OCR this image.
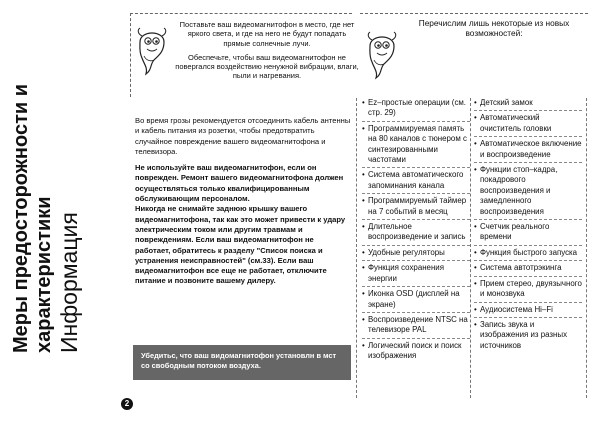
Меры предосторожности и характеристики Информация
2

Поставьте ваш видеомагнитофон в место, где нет яркого света, и где на него не будут попадать прямые солнечные лучи.

Обеспечьте, чтобы ваш видеомагнитофон не повергался воздействию ненужной вибрации, влаги, пыли и нагревания.

Перечислим лишь некоторые из новых возможностей:

Во время грозы рекомендуется отсоединить кабель антенны и кабель питания из розетки, чтобы предотвратить случайное повреждение вашего видеомагнитофона и телевизора.

Не используйте ваш видеомагнитофон, если он поврежден. Ремонт вашего видеомагнитофона должен осуществляться только квалифицированным обслуживающим персоналом.

Никогда не снимайте заднюю крышку вашего видеомагнитофона, так как это может привести к удару электрическим током или другим травмам и повреждениям. Если ваш видеомагнитофон не работает, обратитесь к разделу "Список поиска и устранения неисправностей" (см.33). Если ваш видеомагнитофон все еще не работает, отключите питание и позвоните вашему дилеру.

Убедитьс, что ваш видомагнитофон установлн в мст со свободным потоком воздуха.
• Ez–простые операции (см. стр. 29)
• Программируемая память на 80 каналов с тюнером с синтезированными частотами
• Система автоматического запоминания канала
• Программируемый таймер на 7 событий в месяц
• Длительное воспроизведение и запись
• Удобные регуляторы
• Функция сохранения энергии
• Иконка OSD (дисплей на экране)
• Воспроизведение NTSC на телевизоре PAL
• Логический поиск и поиск изображения
• Детский замок
• Автоматический очиститель головки
• Автоматическое включение и воспроизведение
• Функции стоп–кадра, покадрового воспроизведения и замедленного воспроизведения
• Счетчик реального времени
• Функция быстрого запуска
• Система автотрэкинга
• Прием стерео, двуязычного и монозвука
• Аудиосистема Hi–Fi
• Запись звука и изображения из разных источников
